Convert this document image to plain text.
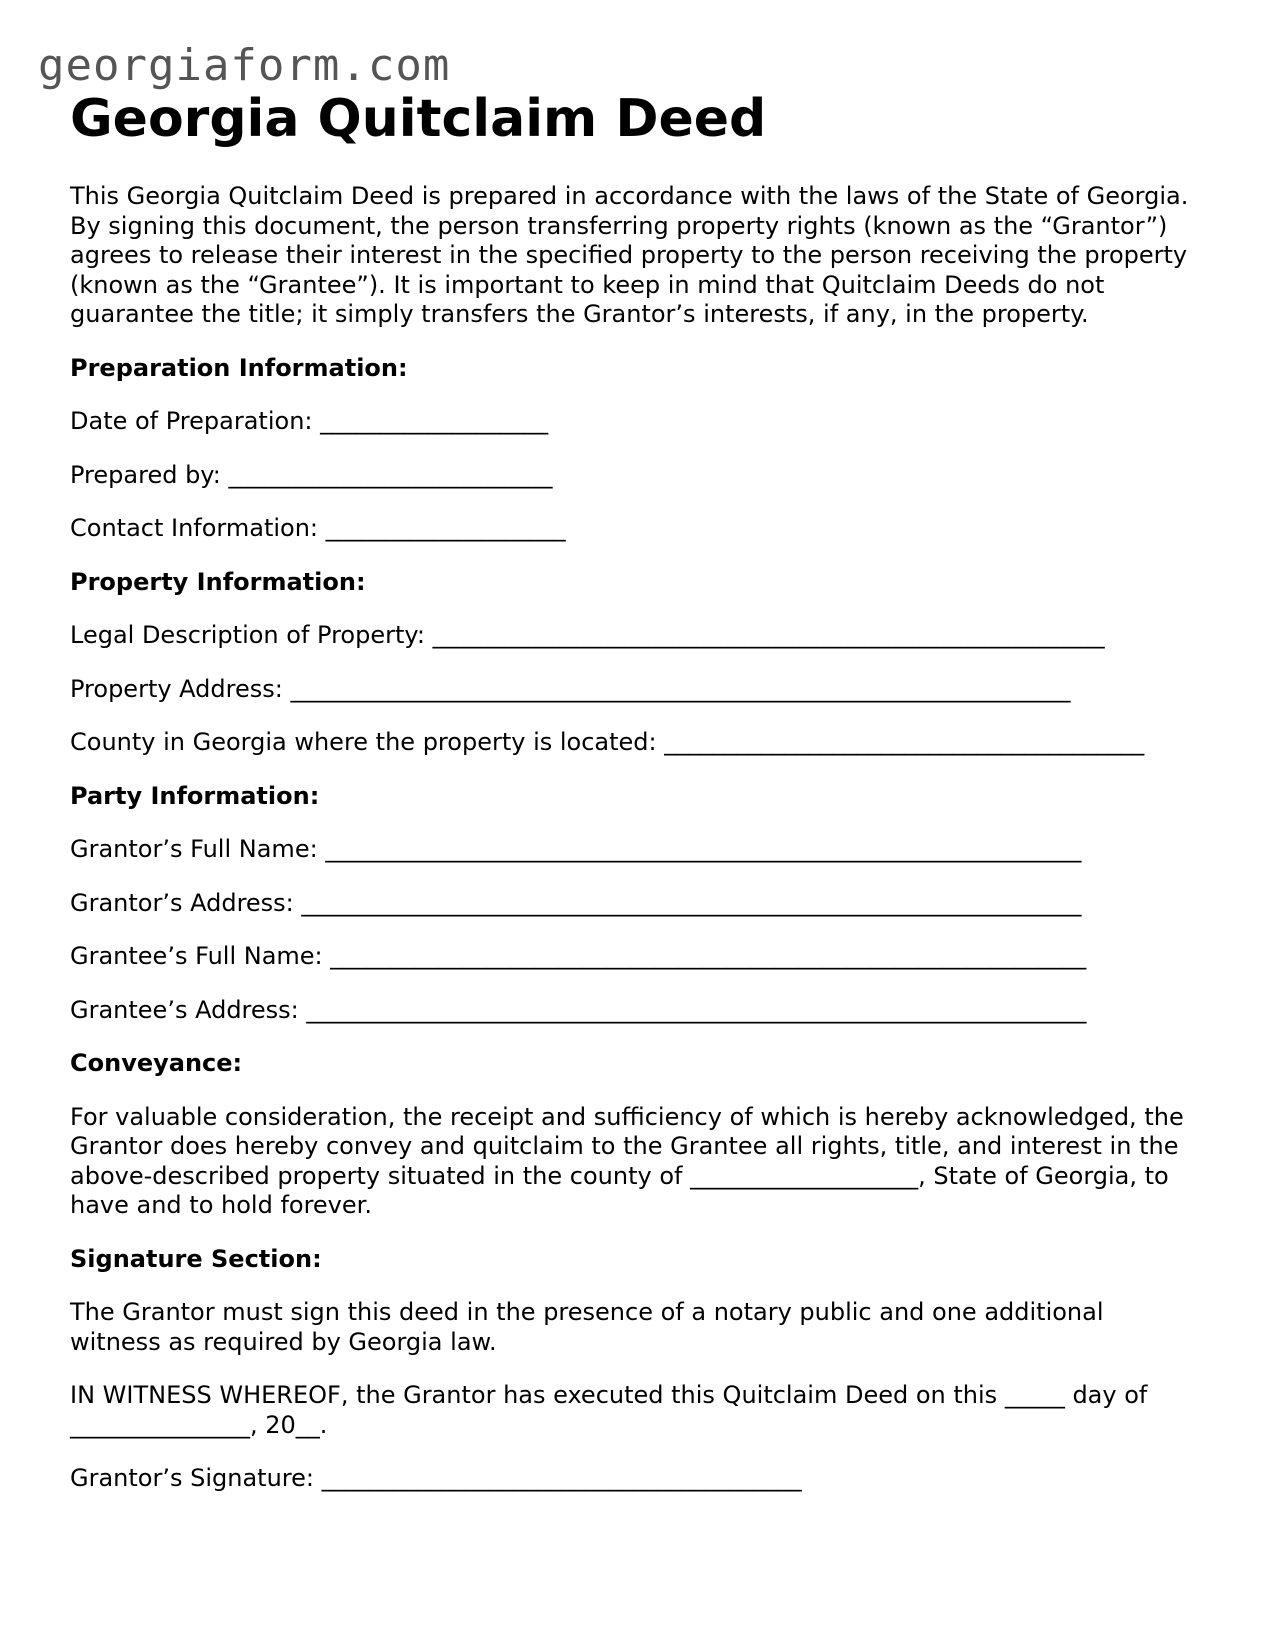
georgiaform.com
Georgia Quitclaim Deed

This Georgia Quitclaim Deed is prepared in accordance with the laws of the State of Georgia. By signing this document, the person transferring property rights (known as the “Grantor”) agrees to release their interest in the specified property to the person receiving the property (known as the “Grantee”). It is important to keep in mind that Quitclaim Deeds do not guarantee the title; it simply transfers the Grantor’s interests, if any, in the property.

Preparation Information:

Date of Preparation: ___________________
Prepared by: ___________________________
Contact Information: ____________________

Property Information:

Legal Description of Property: ________________________________________________________
Property Address: _________________________________________________________________
County in Georgia where the property is located: ________________________________________

Party Information:

Grantor’s Full Name: _______________________________________________________________
Grantor’s Address: _________________________________________________________________
Grantee’s Full Name: _______________________________________________________________
Grantee’s Address: _________________________________________________________________

Conveyance:

For valuable consideration, the receipt and sufficiency of which is hereby acknowledged, the Grantor does hereby convey and quitclaim to the Grantee all rights, title, and interest in the above-described property situated in the county of ___________________, State of Georgia, to have and to hold forever.

Signature Section:

The Grantor must sign this deed in the presence of a notary public and one additional witness as required by Georgia law.

IN WITNESS WHEREOF, the Grantor has executed this Quitclaim Deed on this _____ day of _______________, 20__.

Grantor’s Signature: ________________________________________
